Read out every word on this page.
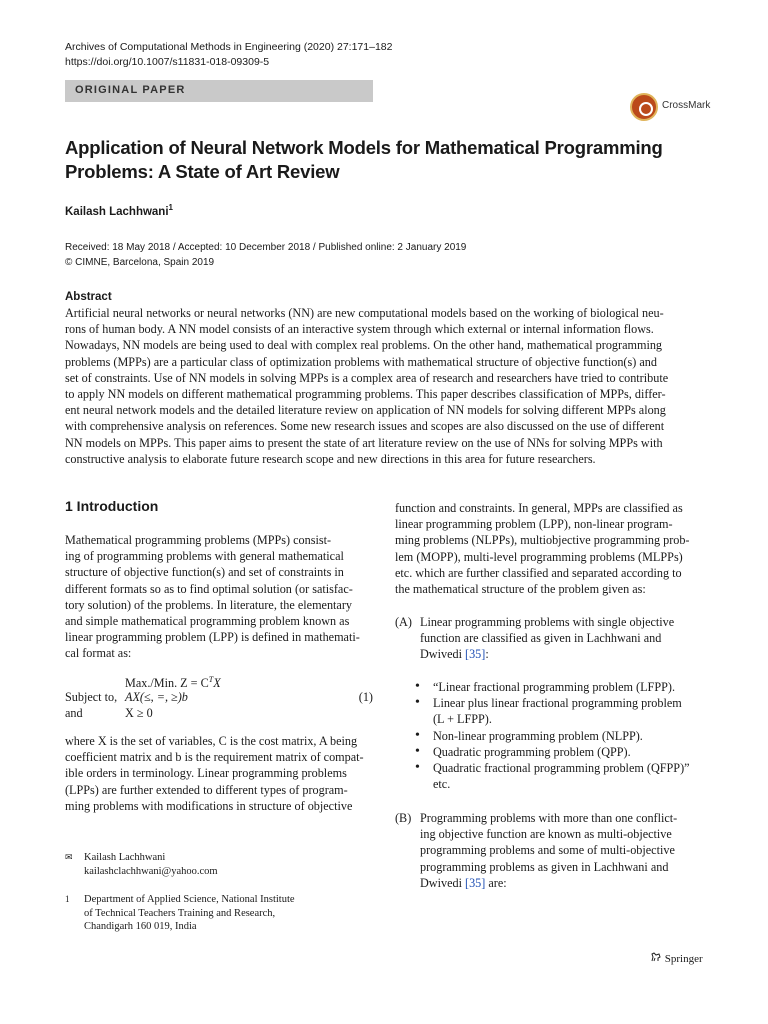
Archives of Computational Methods in Engineering (2020) 27:171–182
https://doi.org/10.1007/s11831-018-09309-5
ORIGINAL PAPER
CrossMark
Application of Neural Network Models for Mathematical Programming
Problems: A State of Art Review
Kailash Lachhwani$^1$
Received: 18 May 2018 / Accepted: 10 December 2018 / Published online: 2 January 2019
© CIMNE, Barcelona, Spain 2019
Abstract
Artificial neural networks or neural networks (NN) are new computational models based on the working of biological neu-
rons of human body. A NN model consists of an interactive system through which external or internal information flows.
Nowadays, NN models are being used to deal with complex real problems. On the other hand, mathematical programming
problems (MPPs) are a particular class of optimization problems with mathematical structure of objective function(s) and
set of constraints. Use of NN models in solving MPPs is a complex area of research and researchers have tried to contribute
to apply NN models on different mathematical programming problems. This paper describes classification of MPPs, differ-
ent neural network models and the detailed literature review on application of NN models for solving different MPPs along
with comprehensive analysis on references. Some new research issues and scopes are also discussed on the use of different
NN models on MPPs. This paper aims to present the state of art literature review on the use of NNs for solving MPPs with
constructive analysis to elaborate future research scope and new directions in this area for future researchers.
1 Introduction
Mathematical programming problems (MPPs) consist-
ing of programming problems with general mathematical
structure of objective function(s) and set of constraints in
different formats so as to find optimal solution (or satisfac-
tory solution) of the problems. In literature, the elementary
and simple mathematical programming problem known as
linear programming problem (LPP) is defined in mathemati-
cal format as:
Max./Min. $Z = C^TX$
Subject to, AX(≤, =, ≥)b	(1)
and	X ≥ 0
where X is the set of variables, C is the cost matrix, A being
coefficient matrix and b is the requirement matrix of compat-
ible orders in terminology. Linear programming problems
(LPPs) are further extended to different types of program-
ming problems with modifications in structure of objective
✉ Kailash Lachhwani
kailashclachhwani@yahoo.com
1 Department of Applied Science, National Institute
of Technical Teachers Training and Research,
Chandigarh 160 019, India
function and constraints. In general, MPPs are classified as
linear programming problem (LPP), non-linear program-
ming problems (NLPPs), multiobjective programming prob-
lem (MOPP), multi-level programming problems (MLPPs)
etc. which are further classified and separated according to
the mathematical structure of the problem given as:
(A) Linear programming problems with single objective
function are classified as given in Lachhwani and
Dwivedi [35]:
• “Linear fractional programming problem (LFPP).
• Linear plus linear fractional programming problem
(L + LFPP).
• Non-linear programming problem (NLPP).
• Quadratic programming problem (QPP).
• Quadratic fractional programming problem (QFPP)”
etc.
(B) Programming problems with more than one conflict-
ing objective function are known as multi-objective
programming problems and some of multi-objective
programming problems as given in Lachhwani and
Dwivedi [35] are:
Springer
